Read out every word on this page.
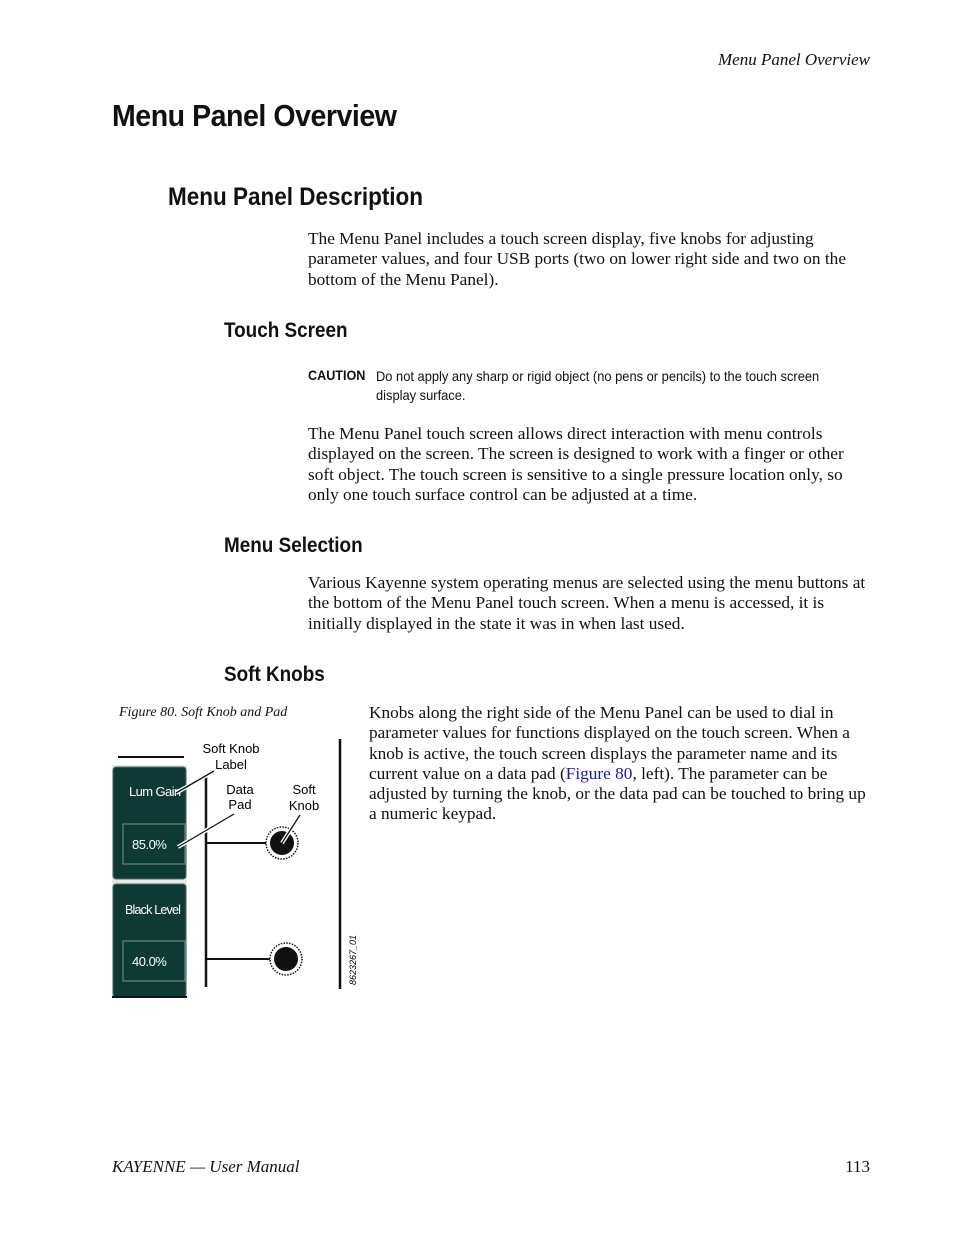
Menu Panel Overview
Menu Panel Overview
Menu Panel Description

The Menu Panel includes a touch screen display, five knobs for adjusting parameter values, and four USB ports (two on lower right side and two on the bottom of the Menu Panel).

Touch Screen
CAUTION Do not apply any sharp or rigid object (no pens or pencils) to the touch screen display surface.

The Menu Panel touch screen allows direct interaction with menu controls displayed on the screen. The screen is designed to work with a finger or other soft object. The touch screen is sensitive to a single pressure location only, so only one touch surface control can be adjusted at a time.

Menu Selection

Various Kayenne system operating menus are selected using the menu buttons at the bottom of the Menu Panel touch screen. When a menu is accessed, it is initially displayed in the state it was in when last used.

Soft Knobs
Figure 80. Soft Knob and Pad	Knobs along the right side of the Menu Panel can be used to dial in parameter values for functions displayed on the touch screen. When a knob is active, the touch screen displays the parameter name and its current value on a data pad (Figure 80, left). The parameter can be adjusted by turning the knob, or the data pad can be touched to bring up a numeric keypad.

Lum Gain
85.0%
Black Level
40.0%
Soft Knob
Label
Data
Pad
Soft
Knob
8623267_01
KAYENNE — User Manual	113
